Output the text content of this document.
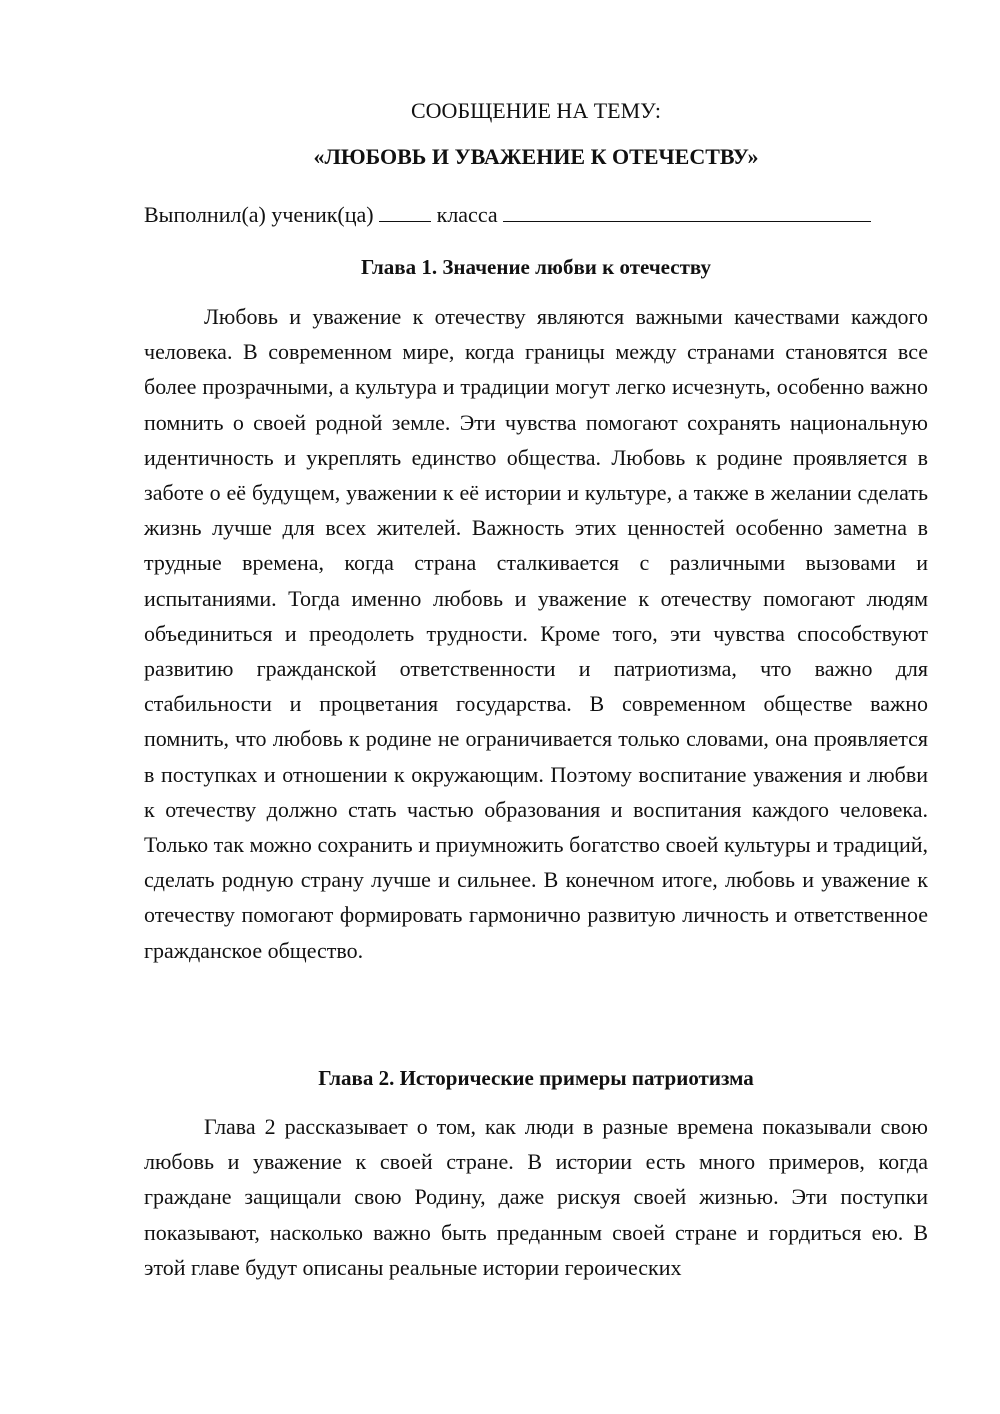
СООБЩЕНИЕ НА ТЕМУ:
«ЛЮБОВЬ И УВАЖЕНИЕ К ОТЕЧЕСТВУ»
Выполнил(а) ученик(ца)	класса
Глава 1. Значение любви к отечеству

Любовь и уважение к отечеству являются важными качествами каждого человека. В современном мире, когда границы между странами становятся все более прозрачными, а культура и традиции могут легко исчезнуть, особенно важно помнить о своей родной земле. Эти чувства помогают сохранять национальную идентичность и укреплять единство общества. Любовь к родине проявляется в заботе о её будущем, уважении к её истории и культуре, а также в желании сделать жизнь лучше для всех жителей. Важность этих ценностей особенно заметна в трудные времена, когда страна сталкивается с различными вызовами и испытаниями. Тогда именно любовь и уважение к отечеству помогают людям объединиться и преодолеть трудности. Кроме того, эти чувства способствуют развитию гражданской ответственности и патриотизма, что важно для стабильности и процветания государства. В современном обществе важно помнить, что любовь к родине не ограничивается только словами, она проявляется в поступках и отношении к окружающим. Поэтому воспитание уважения и любви к отечеству должно стать частью образования и воспитания каждого человека. Только так можно сохранить и приумножить богатство своей культуры и традиций, сделать родную страну лучше и сильнее. В конечном итоге, любовь и уважение к отечеству помогают формировать гармонично развитую личность и ответственное гражданское общество.

Глава 2. Исторические примеры патриотизма

Глава 2 рассказывает о том, как люди в разные времена показывали свою любовь и уважение к своей стране. В истории есть много примеров, когда граждане защищали свою Родину, даже рискуя своей жизнью. Эти поступки показывают, насколько важно быть преданным своей стране и гордиться ею. В этой главе будут описаны реальные истории героических
